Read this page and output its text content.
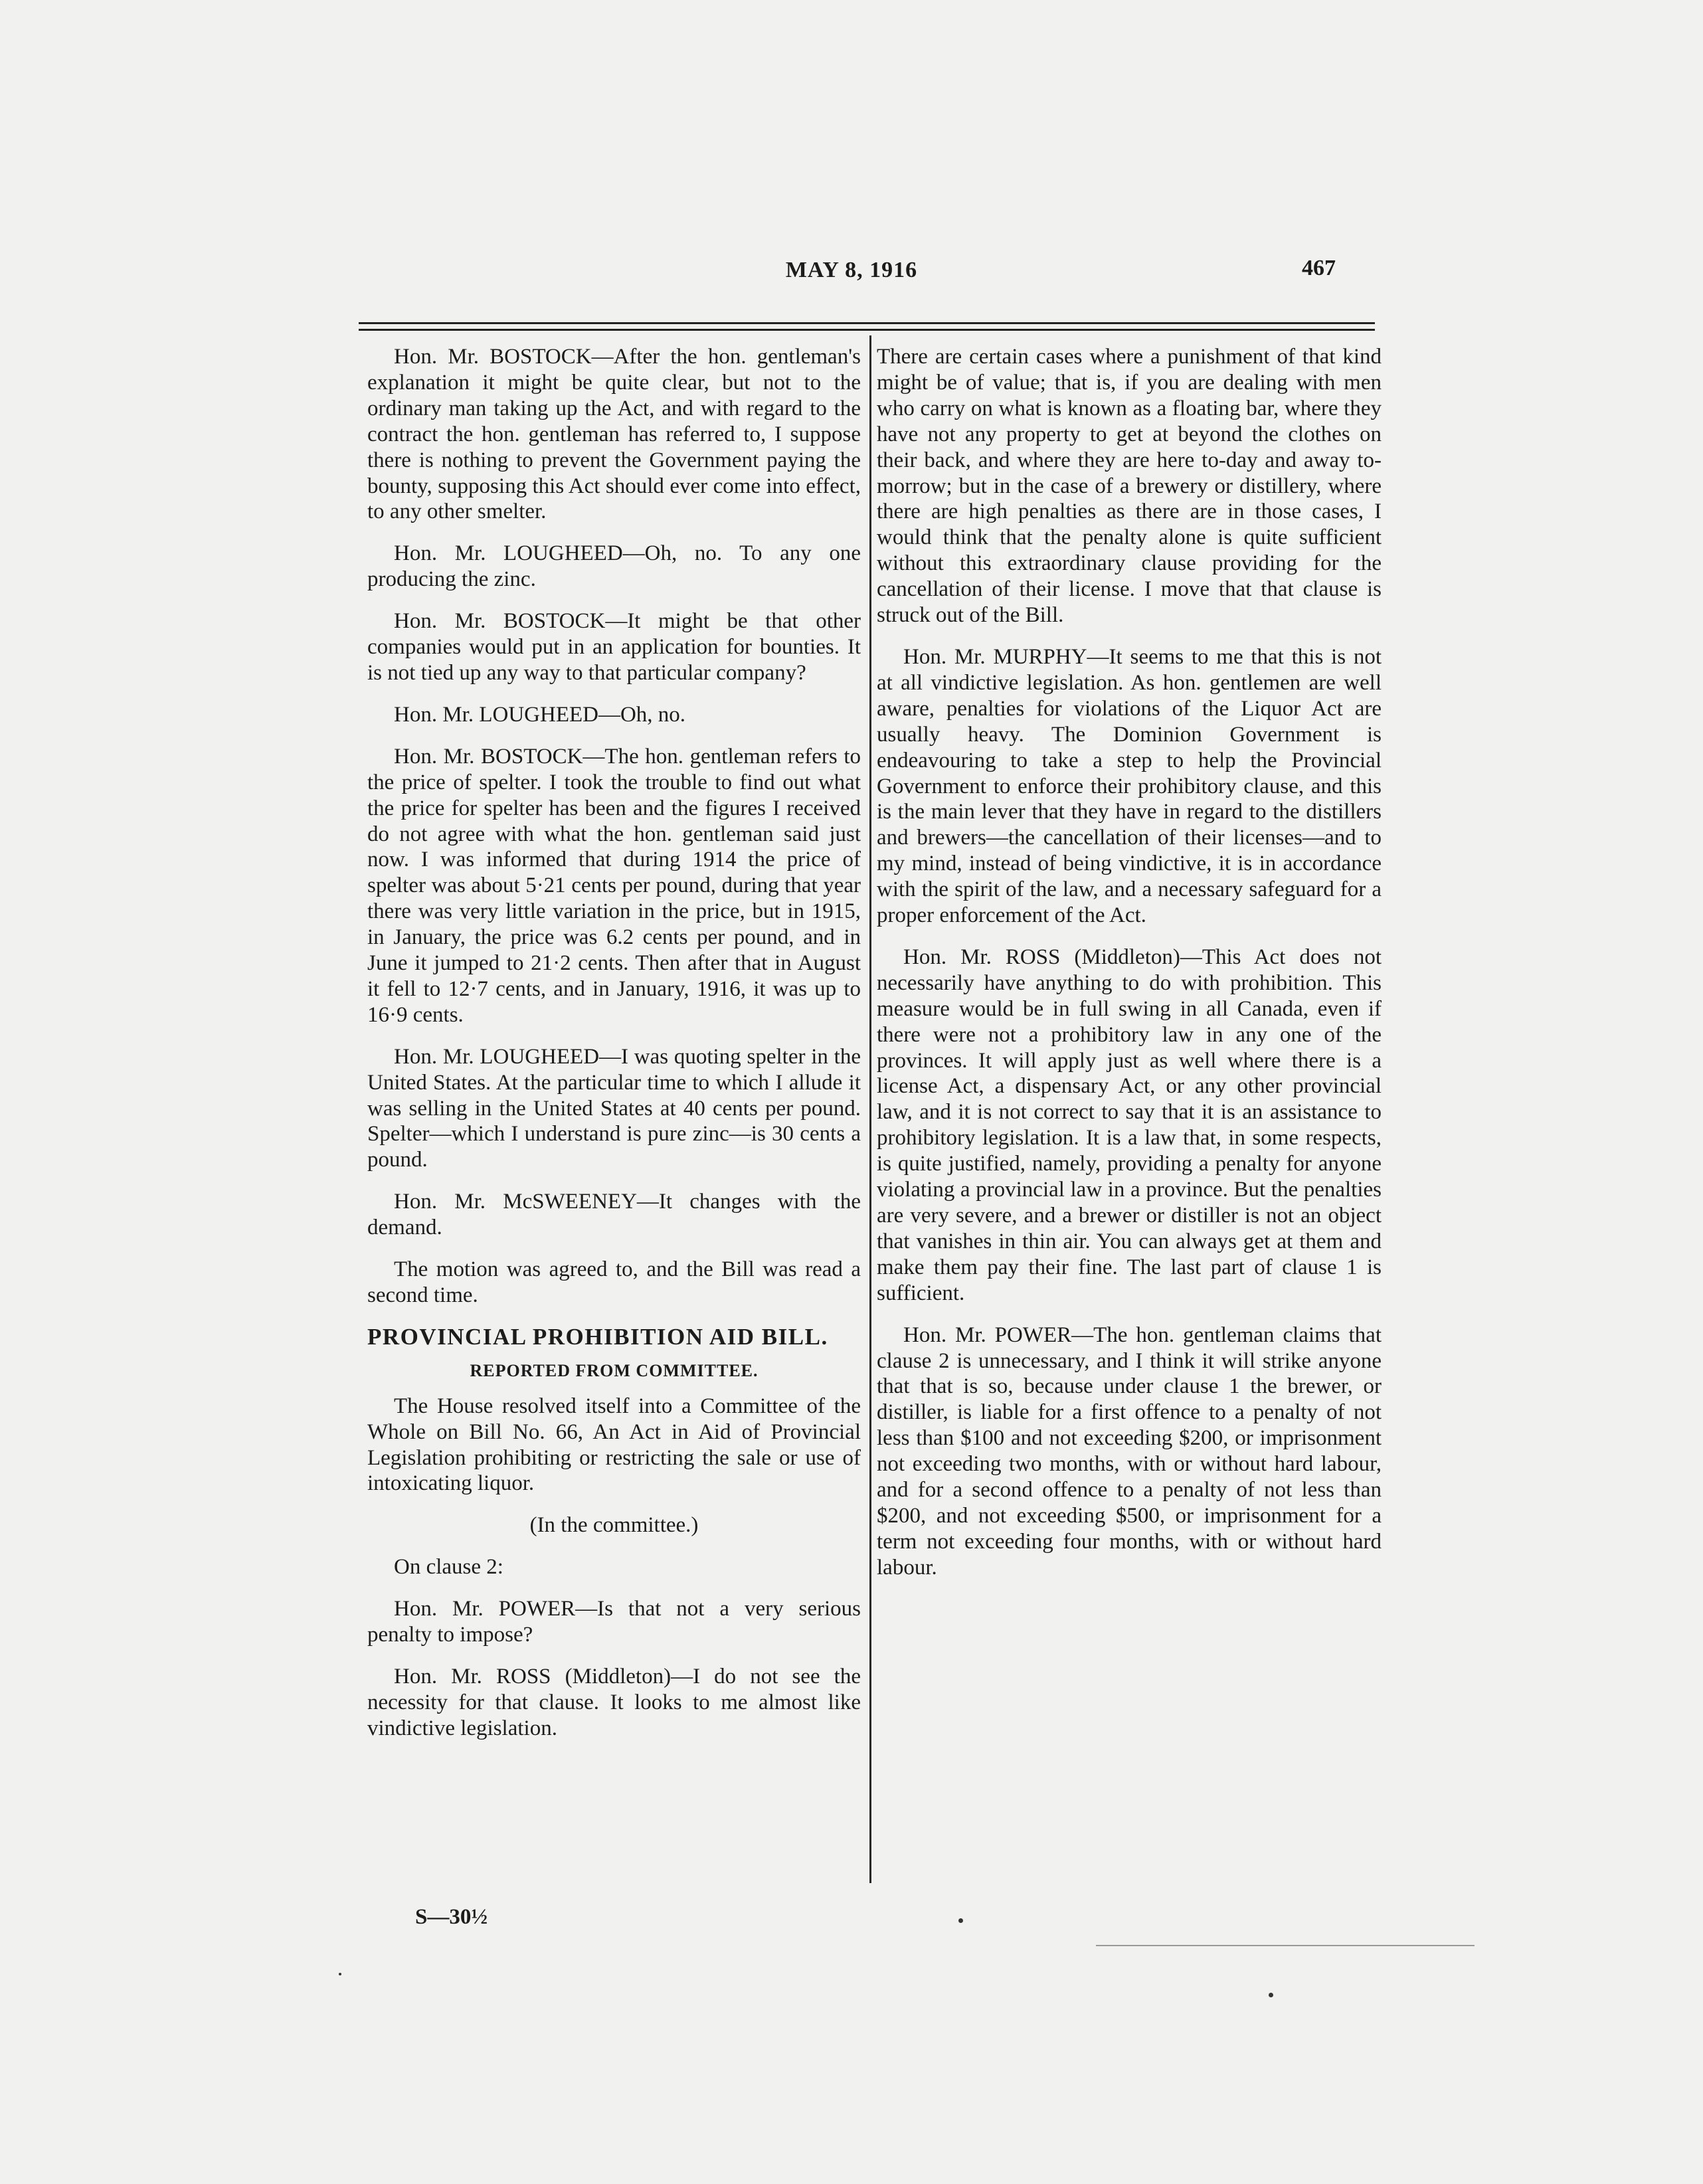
MAY 8, 1916	467

Hon. Mr. BOSTOCK—After the hon. gentleman's explanation it might be quite clear, but not to the ordinary man taking up the Act, and with regard to the contract the hon. gentleman has referred to, I suppose there is nothing to prevent the Government paying the bounty, supposing this Act should ever come into effect, to any other smelter.

Hon. Mr. LOUGHEED—Oh, no. To any one producing the zinc.

Hon. Mr. BOSTOCK—It might be that other companies would put in an application for bounties. It is not tied up any way to that particular company?

Hon. Mr. LOUGHEED—Oh, no.

Hon. Mr. BOSTOCK—The hon. gentleman refers to the price of spelter. I took the trouble to find out what the price for spelter has been and the figures I received do not agree with what the hon. gentleman said just now. I was informed that during 1914 the price of spelter was about 5·21 cents per pound, during that year there was very little variation in the price, but in 1915, in January, the price was 6.2 cents per pound, and in June it jumped to 21·2 cents. Then after that in August it fell to 12·7 cents, and in January, 1916, it was up to 16·9 cents.

Hon. Mr. LOUGHEED—I was quoting spelter in the United States. At the particular time to which I allude it was selling in the United States at 40 cents per pound. Spelter—which I understand is pure zinc—is 30 cents a pound.

Hon. Mr. McSWEENEY—It changes with the demand.

The motion was agreed to, and the Bill was read a second time.

PROVINCIAL PROHIBITION AID BILL.
REPORTED FROM COMMITTEE.

The House resolved itself into a Committee of the Whole on Bill No. 66, An Act in Aid of Provincial Legislation prohibiting or restricting the sale or use of intoxicating liquor.

(In the committee.)

On clause 2:

Hon. Mr. POWER—Is that not a very serious penalty to impose?

Hon. Mr. ROSS (Middleton)—I do not see the necessity for that clause. It looks to me almost like vindictive legislation.

S—30½

There are certain cases where a punishment of that kind might be of value; that is, if you are dealing with men who carry on what is known as a floating bar, where they have not any property to get at beyond the clothes on their back, and where they are here to-day and away to-morrow; but in the case of a brewery or distillery, where there are high penalties as there are in those cases, I would think that the penalty alone is quite sufficient without this extraordinary clause providing for the cancellation of their license. I move that that clause is struck out of the Bill.

Hon. Mr. MURPHY—It seems to me that this is not at all vindictive legislation. As hon. gentlemen are well aware, penalties for violations of the Liquor Act are usually heavy. The Dominion Government is endeavouring to take a step to help the Provincial Government to enforce their prohibitory clause, and this is the main lever that they have in regard to the distillers and brewers—the cancellation of their licenses—and to my mind, instead of being vindictive, it is in accordance with the spirit of the law, and a necessary safeguard for a proper enforcement of the Act.

Hon. Mr. ROSS (Middleton)—This Act does not necessarily have anything to do with prohibition. This measure would be in full swing in all Canada, even if there were not a prohibitory law in any one of the provinces. It will apply just as well where there is a license Act, a dispensary Act, or any other provincial law, and it is not correct to say that it is an assistance to prohibitory legislation. It is a law that, in some respects, is quite justified, namely, providing a penalty for anyone violating a provincial law in a province. But the penalties are very severe, and a brewer or distiller is not an object that vanishes in thin air. You can always get at them and make them pay their fine. The last part of clause 1 is sufficient.

Hon. Mr. POWER—The hon. gentleman claims that clause 2 is unnecessary, and I think it will strike anyone that that is so, because under clause 1 the brewer, or distiller, is liable for a first offence to a penalty of not less than $100 and not exceeding $200, or imprisonment not exceeding two months, with or without hard labour, and for a second offence to a penalty of not less than $200, and not exceeding $500, or imprisonment for a term not exceeding four months, with or without hard labour.
